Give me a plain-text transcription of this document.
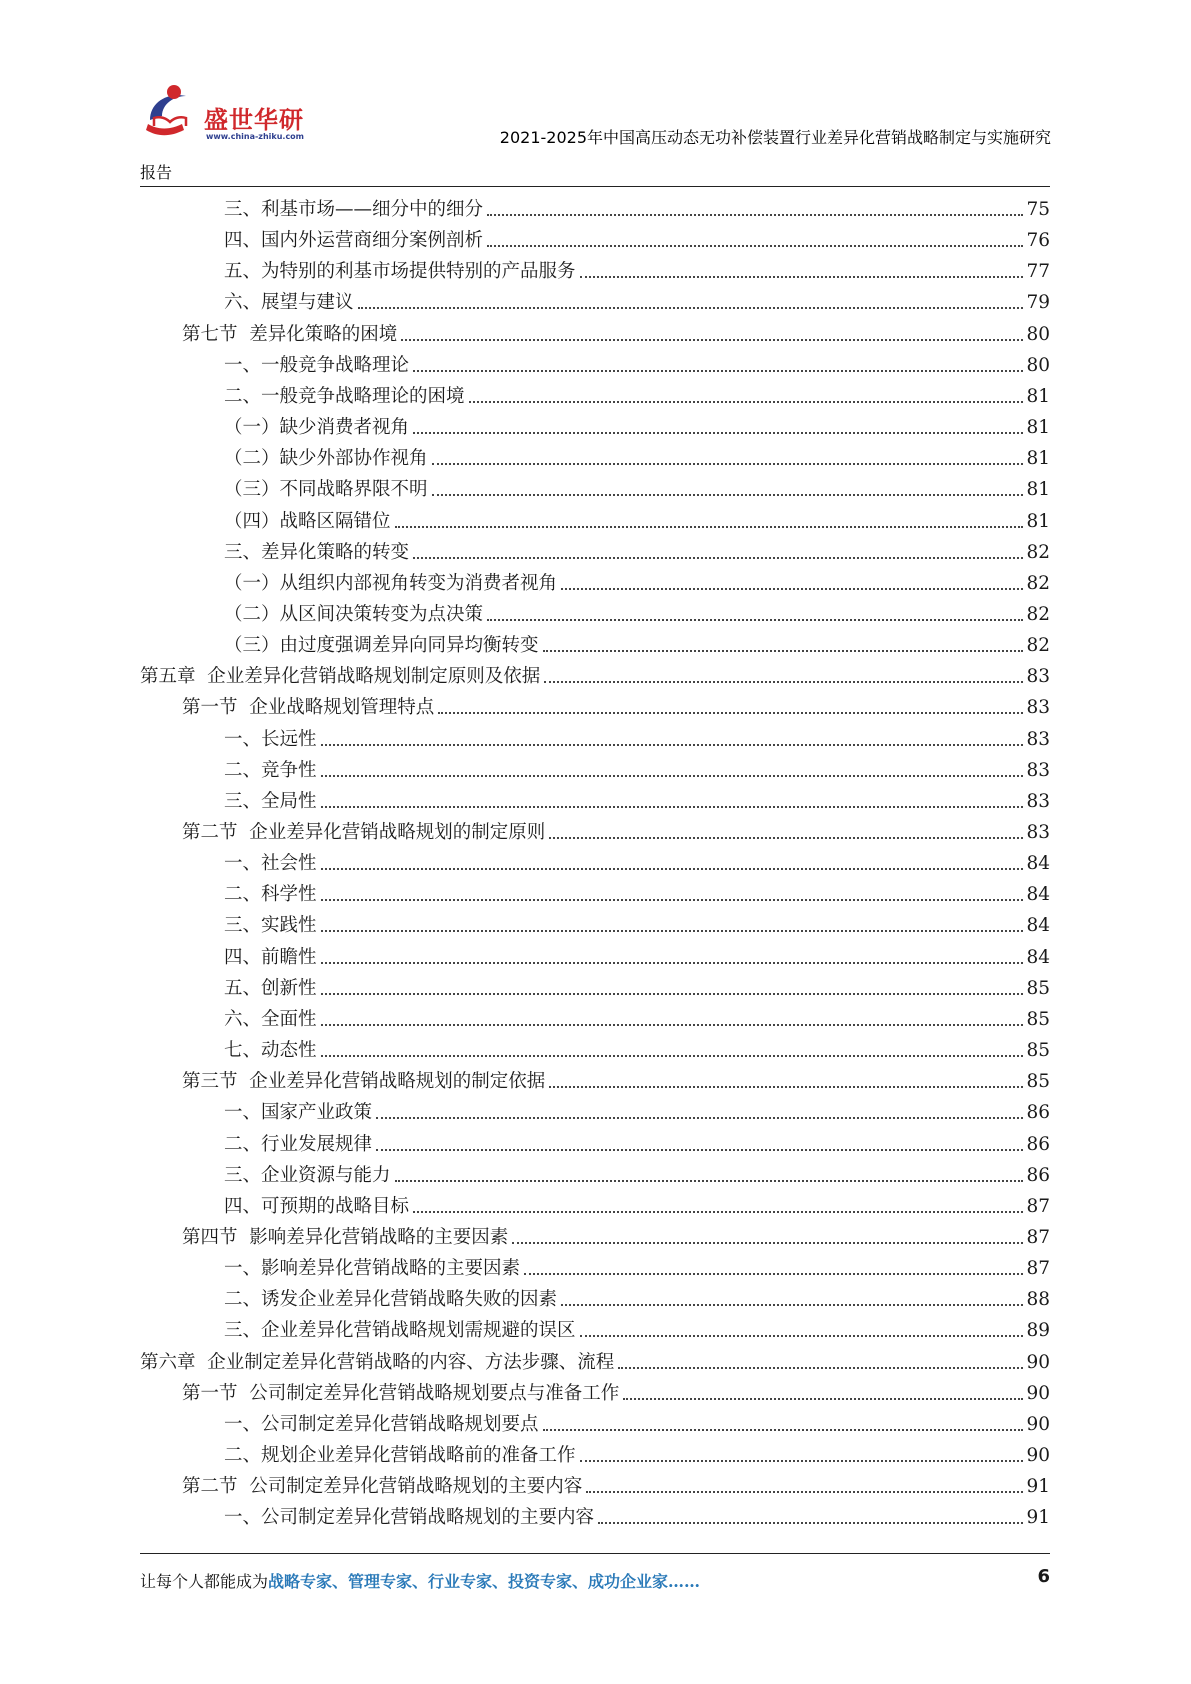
盛世华研
www.china-zhiku.com	2021-2025年中国高压动态无功补偿装置行业差异化营销战略制定与实施研究
报告
三、利基市场——细分中的细分	75
四、国内外运营商细分案例剖析	76
五、为特别的利基市场提供特别的产品服务	77
六、展望与建议	79
第七节  差异化策略的困境	80
一、一般竞争战略理论	80
二、一般竞争战略理论的困境	81
（一）缺少消费者视角	81
（二）缺少外部协作视角	81
（三）不同战略界限不明	81
（四）战略区隔错位	81
三、差异化策略的转变	82
（一）从组织内部视角转变为消费者视角	82
（二）从区间决策转变为点决策	82
（三）由过度强调差异向同异均衡转变	82
第五章  企业差异化营销战略规划制定原则及依据	83
第一节  企业战略规划管理特点	83
一、长远性	83
二、竞争性	83
三、全局性	83
第二节  企业差异化营销战略规划的制定原则	83
一、社会性	84
二、科学性	84
三、实践性	84
四、前瞻性	84
五、创新性	85
六、全面性	85
七、动态性	85
第三节  企业差异化营销战略规划的制定依据	85
一、国家产业政策	86
二、行业发展规律	86
三、企业资源与能力	86
四、可预期的战略目标	87
第四节  影响差异化营销战略的主要因素	87
一、影响差异化营销战略的主要因素	87
二、诱发企业差异化营销战略失败的因素	88
三、企业差异化营销战略规划需规避的误区	89
第六章  企业制定差异化营销战略的内容、方法步骤、流程	90
第一节  公司制定差异化营销战略规划要点与准备工作	90
一、公司制定差异化营销战略规划要点	90
二、规划企业差异化营销战略前的准备工作	90
第二节  公司制定差异化营销战略规划的主要内容	91
一、公司制定差异化营销战略规划的主要内容	91
让每个人都能成为战略专家、管理专家、行业专家、投资专家、成功企业家……	6
